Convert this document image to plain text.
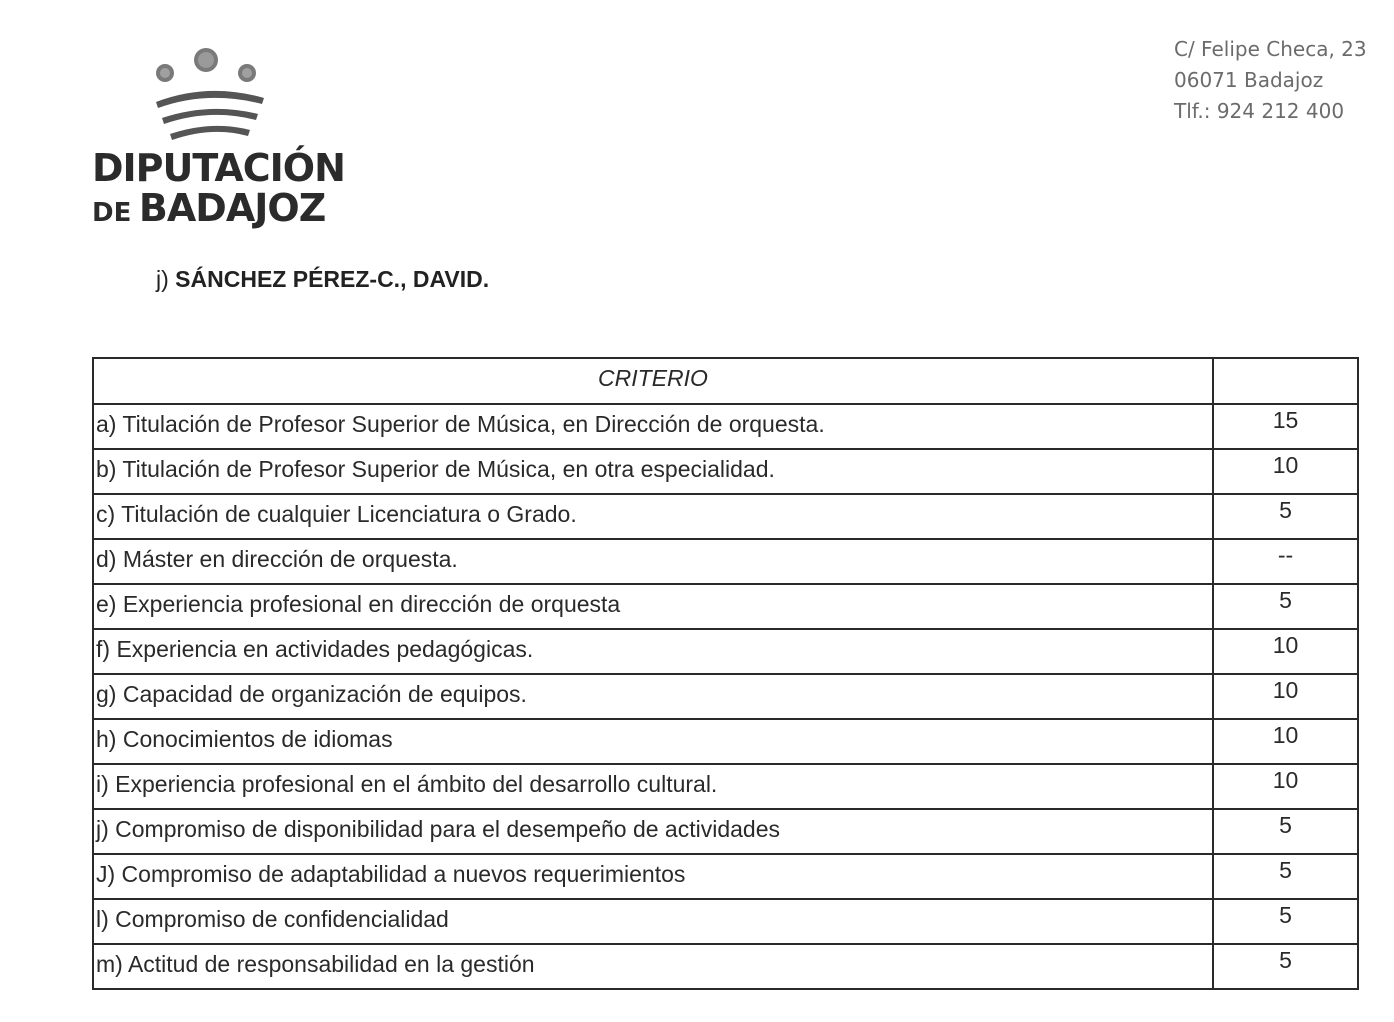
DIPUTACIÓN
DE BADAJOZ
C/ Felipe Checa, 23
06071 Badajoz
Tlf.: 924 212 400
j) SÁNCHEZ PÉREZ-C., DAVID.
CRITERIO	
a) Titulación de Profesor Superior de Música, en Dirección de orquesta.	15
b) Titulación de Profesor Superior de Música, en otra especialidad.	10
c) Titulación de cualquier Licenciatura o Grado.	5
d) Máster en dirección de orquesta.	--
e) Experiencia profesional en dirección de orquesta	5
f) Experiencia en actividades pedagógicas.	10
g) Capacidad de organización de equipos.	10
h) Conocimientos de idiomas	10
i) Experiencia profesional en el ámbito del desarrollo cultural.	10
j) Compromiso de disponibilidad para el desempeño de actividades	5
J) Compromiso de adaptabilidad a nuevos requerimientos	5
l) Compromiso de confidencialidad	5
m) Actitud de responsabilidad en la gestión	5
